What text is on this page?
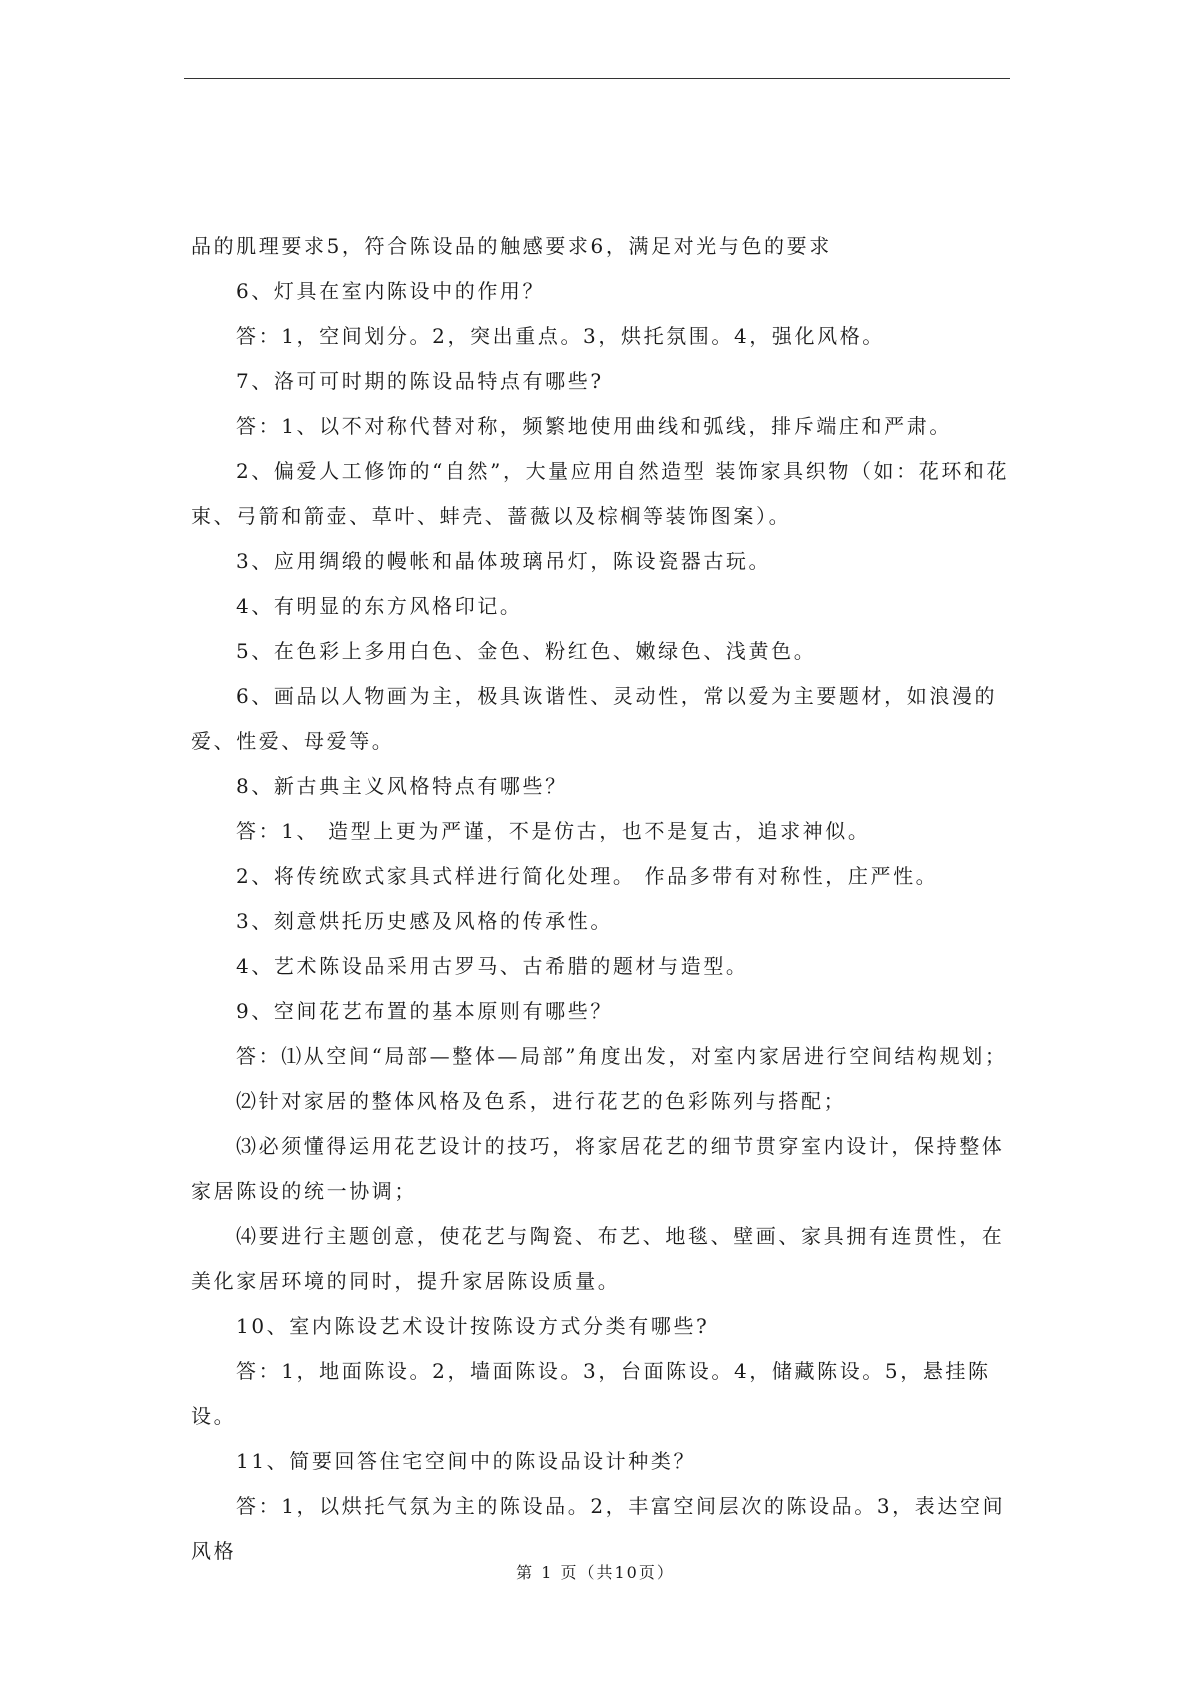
品的肌理要求5，符合陈设品的触感要求6，满足对光与色的要求

6、灯具在室内陈设中的作用？

答：1，空间划分。2，突出重点。3，烘托氛围。4，强化风格。

7、洛可可时期的陈设品特点有哪些?

答：1、以不对称代替对称，频繁地使用曲线和弧线，排斥端庄和严肃。

2、偏爱人工修饰的“自然”，大量应用自然造型 装饰家具织物（如：花环和花束、弓箭和箭壶、草叶、蚌壳、蔷薇以及棕榈等装饰图案）。

3、应用绸缎的幔帐和晶体玻璃吊灯，陈设瓷器古玩。

4、有明显的东方风格印记。

5、在色彩上多用白色、金色、粉红色、嫩绿色、浅黄色。

6、画品以人物画为主，极具诙谐性、灵动性，常以爱为主要题材，如浪漫的爱、性爱、母爱等。

8、新古典主义风格特点有哪些？

答：1、 造型上更为严谨，不是仿古，也不是复古，追求神似。

2、将传统欧式家具式样进行简化处理。 作品多带有对称性，庄严性。

3、刻意烘托历史感及风格的传承性。

4、艺术陈设品采用古罗马、古希腊的题材与造型。

9、空间花艺布置的基本原则有哪些？

答：⑴从空间“局部—整体—局部”角度出发，对室内家居进行空间结构规划；

⑵针对家居的整体风格及色系，进行花艺的色彩陈列与搭配；

⑶必须懂得运用花艺设计的技巧，将家居花艺的细节贯穿室内设计，保持整体家居陈设的统一协调；

⑷要进行主题创意，使花艺与陶瓷、布艺、地毯、壁画、家具拥有连贯性，在美化家居环境的同时，提升家居陈设质量。

10、室内陈设艺术设计按陈设方式分类有哪些?

答：1，地面陈设。2，墙面陈设。3，台面陈设。4，储藏陈设。5，悬挂陈设。

11、简要回答住宅空间中的陈设品设计种类？

答：1，以烘托气氛为主的陈设品。2，丰富空间层次的陈设品。3，表达空间风格

第 1 页（共10页）
